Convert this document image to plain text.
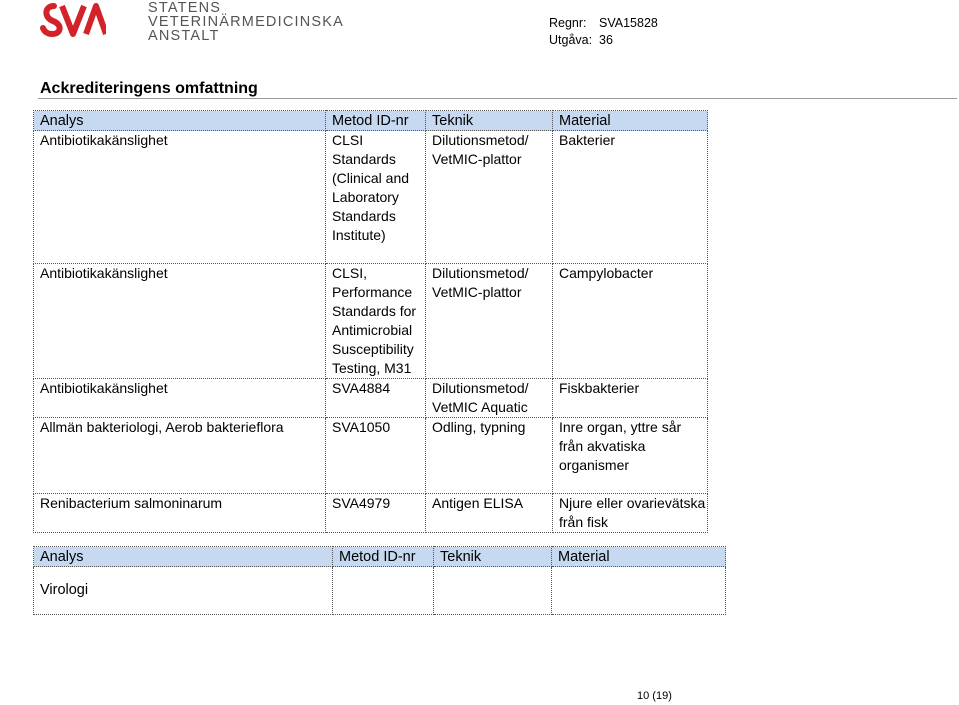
STATENS
VETERINÄRMEDICINSKA
ANSTALT
Regnr: SVA15828
Utgåva: 36
Ackrediteringens omfattning
Analys	Metod ID-nr	Teknik	Material
Antibiotikakänslighet	CLSI Standards (Clinical and Laboratory Standards Institute)	Dilutionsmetod/ VetMIC-plattor	Bakterier
Antibiotikakänslighet	CLSI, Performance Standards for Antimicrobial Susceptibility Testing, M31	Dilutionsmetod/ VetMIC-plattor	Campylobacter
Antibiotikakänslighet	SVA4884	Dilutionsmetod/ VetMIC Aquatic	Fiskbakterier
Allmän bakteriologi, Aerob bakterieflora	SVA1050	Odling, typning	Inre organ, yttre sår från akvatiska organismer
Renibacterium salmoninarum	SVA4979	Antigen ELISA	Njure eller ovarievätska från fisk
Analys	Metod ID-nr	Teknik	Material
Virologi			
10 (19)
